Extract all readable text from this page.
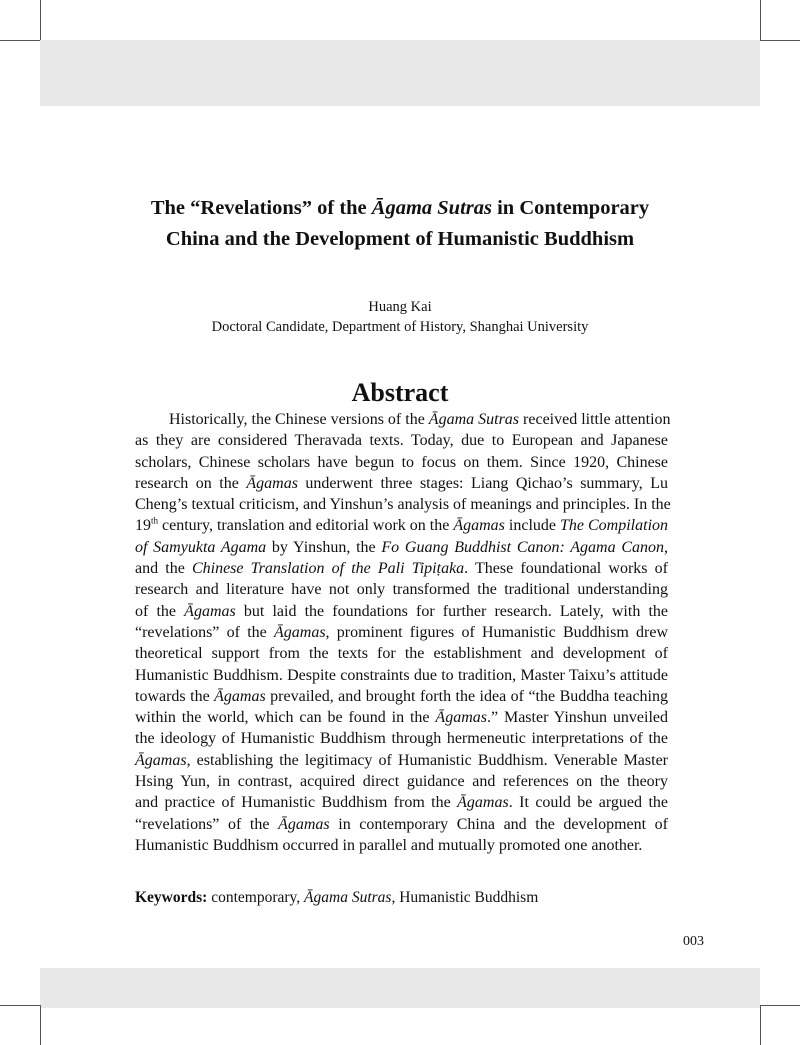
The “Revelations” of the Āgama Sutras in Contemporary
China and the Development of Humanistic Buddhism
Huang Kai
Doctoral Candidate, Department of History, Shanghai University
Abstract
Historically, the Chinese versions of the Āgama Sutras received little attention
as they are considered Theravada texts. Today, due to European and Japanese
scholars, Chinese scholars have begun to focus on them. Since 1920, Chinese
research on the Āgamas underwent three stages: Liang Qichao’s summary, Lu
Cheng’s textual criticism, and Yinshun’s analysis of meanings and principles. In the
19th century, translation and editorial work on the Āgamas include The Compilation
of Samyukta Agama by Yinshun, the Fo Guang Buddhist Canon: Agama Canon,
and the Chinese Translation of the Pali Tipiṭaka. These foundational works of
research and literature have not only transformed the traditional understanding
of the Āgamas but laid the foundations for further research. Lately, with the
“revelations” of the Āgamas, prominent figures of Humanistic Buddhism drew
theoretical support from the texts for the establishment and development of
Humanistic Buddhism. Despite constraints due to tradition, Master Taixu’s attitude
towards the Āgamas prevailed, and brought forth the idea of “the Buddha teaching
within the world, which can be found in the Āgamas.” Master Yinshun unveiled
the ideology of Humanistic Buddhism through hermeneutic interpretations of the
Āgamas, establishing the legitimacy of Humanistic Buddhism. Venerable Master
Hsing Yun, in contrast, acquired direct guidance and references on the theory
and practice of Humanistic Buddhism from the Āgamas. It could be argued the
“revelations” of the Āgamas in contemporary China and the development of
Humanistic Buddhism occurred in parallel and mutually promoted one another.
Keywords: contemporary, Āgama Sutras, Humanistic Buddhism
003
